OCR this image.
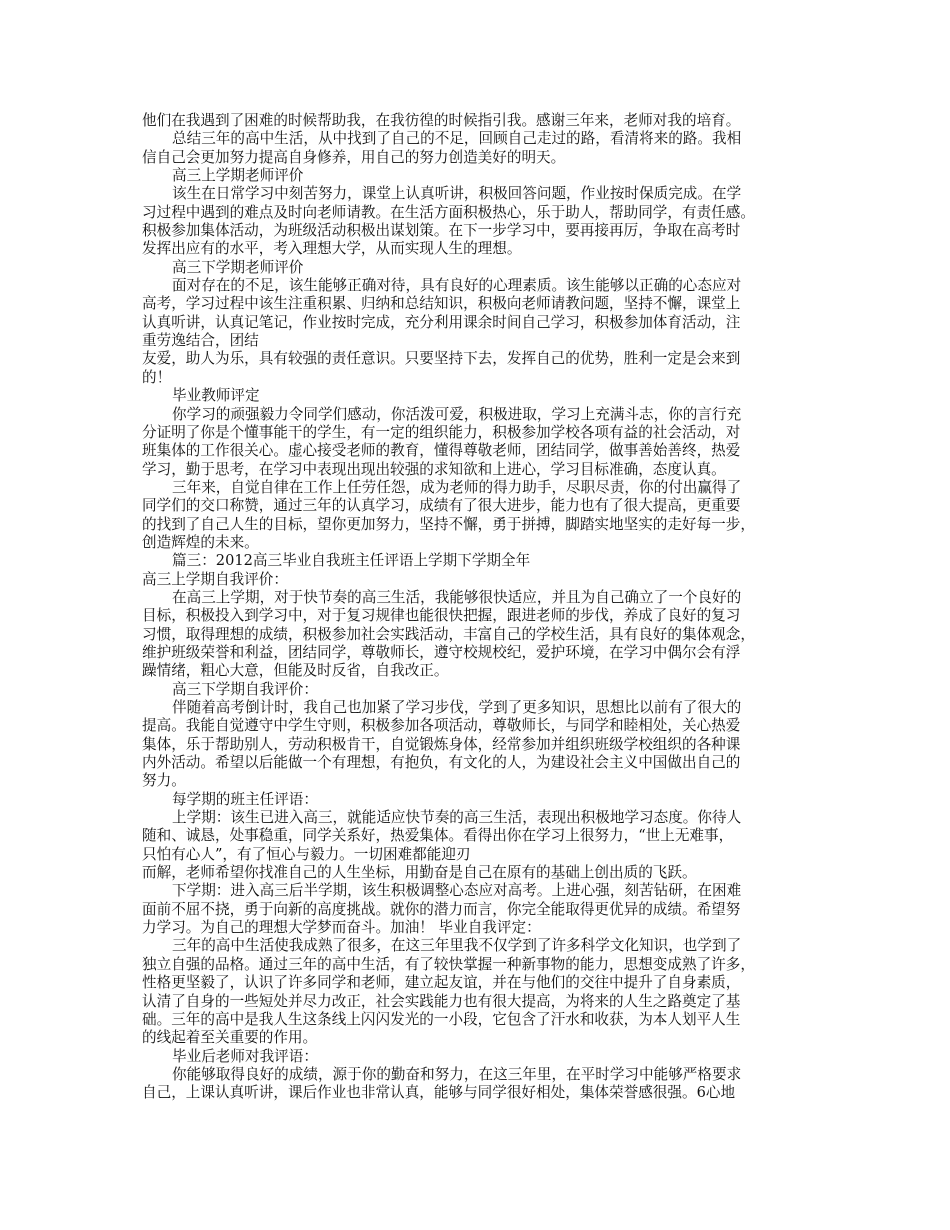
他们在我遇到了困难的时候帮助我，在我彷徨的时候指引我。感谢三年来，老师对我的培育。
总结三年的高中生活，从中找到了自己的不足，回顾自己走过的路，看清将来的路。我相
信自己会更加努力提高自身修养，用自己的努力创造美好的明天。
高三上学期老师评价
该生在日常学习中刻苦努力，课堂上认真听讲，积极回答问题，作业按时保质完成。在学
习过程中遇到的难点及时向老师请教。在生活方面积极热心，乐于助人，帮助同学，有责任感。
积极参加集体活动，为班级活动积极出谋划策。在下一步学习中，要再接再厉，争取在高考时
发挥出应有的水平，考入理想大学，从而实现人生的理想。
高三下学期老师评价
面对存在的不足，该生能够正确对待，具有良好的心理素质。该生能够以正确的心态应对
高考，学习过程中该生注重积累、归纳和总结知识，积极向老师请教问题，坚持不懈，课堂上
认真听讲，认真记笔记，作业按时完成，充分利用课余时间自己学习，积极参加体育活动，注
重劳逸结合，团结
友爱，助人为乐，具有较强的责任意识。只要坚持下去，发挥自己的优势，胜利一定是会来到
的！
毕业教师评定
你学习的顽强毅力令同学们感动，你活泼可爱，积极进取，学习上充满斗志，你的言行充
分证明了你是个懂事能干的学生，有一定的组织能力，积极参加学校各项有益的社会活动，对
班集体的工作很关心。虚心接受老师的教育，懂得尊敬老师，团结同学，做事善始善终，热爱
学习，勤于思考，在学习中表现出现出较强的求知欲和上进心，学习目标准确，态度认真。
三年来，自觉自律在工作上任劳任怨，成为老师的得力助手，尽职尽责，你的付出赢得了
同学们的交口称赞，通过三年的认真学习，成绩有了很大进步，能力也有了很大提高，更重要
的找到了自己人生的目标，望你更加努力，坚持不懈，勇于拼搏，脚踏实地坚实的走好每一步，
创造辉煌的未来。
篇三：2012高三毕业自我班主任评语上学期下学期全年
高三上学期自我评价：
在高三上学期，对于快节奏的高三生活，我能够很快适应，并且为自己确立了一个良好的
目标，积极投入到学习中，对于复习规律也能很快把握，跟进老师的步伐，养成了良好的复习
习惯，取得理想的成绩，积极参加社会实践活动，丰富自己的学校生活，具有良好的集体观念，
维护班级荣誉和利益，团结同学，尊敬师长，遵守校规校纪，爱护环境，在学习中偶尔会有浮
躁情绪，粗心大意，但能及时反省，自我改正。
高三下学期自我评价：
伴随着高考倒计时，我自己也加紧了学习步伐，学到了更多知识，思想比以前有了很大的
提高。我能自觉遵守中学生守则，积极参加各项活动，尊敬师长，与同学和睦相处，关心热爱
集体，乐于帮助别人，劳动积极肯干，自觉锻炼身体，经常参加并组织班级学校组织的各种课
内外活动。希望以后能做一个有理想，有抱负，有文化的人，为建设社会主义中国做出自己的
努力。
每学期的班主任评语：
上学期：该生已进入高三，就能适应快节奏的高三生活，表现出积极地学习态度。你待人
随和、诚恳，处事稳重，同学关系好，热爱集体。看得出你在学习上很努力，“世上无难事，
只怕有心人”，有了恒心与毅力。一切困难都能迎刃
而解，老师希望你找准自己的人生坐标，用勤奋是自己在原有的基础上创出质的飞跃。
下学期：进入高三后半学期，该生积极调整心态应对高考。上进心强，刻苦钻研，在困难
面前不屈不挠，勇于向新的高度挑战。就你的潜力而言，你完全能取得更优异的成绩。希望努
力学习。为自己的理想大学梦而奋斗。加油！ 毕业自我评定：
三年的高中生活使我成熟了很多，在这三年里我不仅学到了许多科学文化知识，也学到了
独立自强的品格。通过三年的高中生活，有了较快掌握一种新事物的能力，思想变成熟了许多，
性格更坚毅了，认识了许多同学和老师，建立起友谊，并在与他们的交往中提升了自身素质，
认清了自身的一些短处并尽力改正，社会实践能力也有很大提高，为将来的人生之路奠定了基
础。三年的高中是我人生这条线上闪闪发光的一小段，它包含了汗水和收获，为本人划平人生
的线起着至关重要的作用。
毕业后老师对我评语：
你能够取得良好的成绩，源于你的勤奋和努力，在这三年里，在平时学习中能够严格要求
自己，上课认真听讲，课后作业也非常认真，能够与同学很好相处，集体荣誉感很强。6心地
